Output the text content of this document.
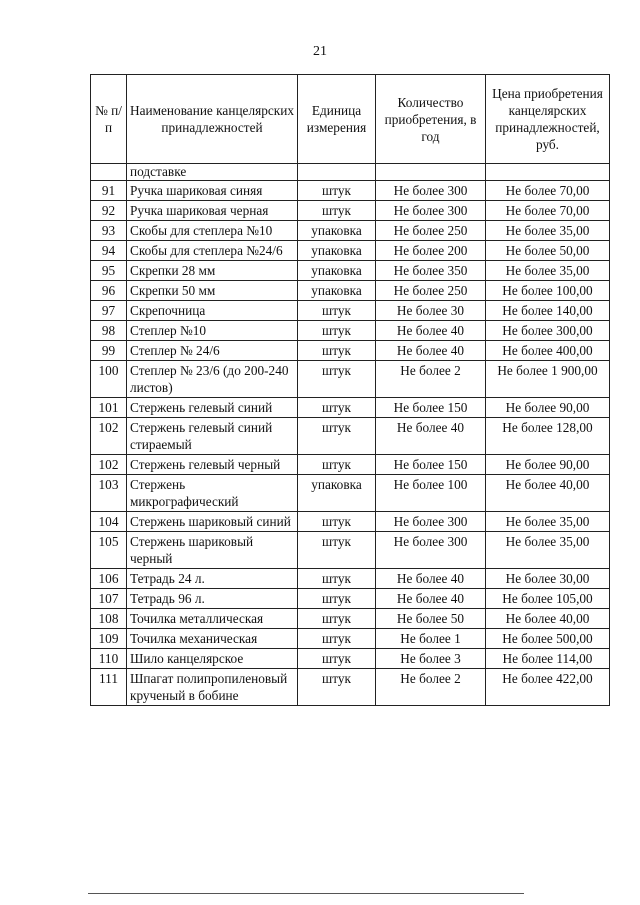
21
№ п/п	Наименование канцелярских принадлежностей	Единица измерения	Количество приобретения, в год	Цена приобретения канцелярских принадлежностей, руб.
	подставке			
91	Ручка шариковая синяя	штук	Не более 300	Не более 70,00
92	Ручка шариковая черная	штук	Не более 300	Не более 70,00
93	Скобы для степлера №10	упаковка	Не более 250	Не более 35,00
94	Скобы для степлера №24/6	упаковка	Не более 200	Не более 50,00
95	Скрепки 28 мм	упаковка	Не более 350	Не более 35,00
96	Скрепки 50 мм	упаковка	Не более 250	Не более 100,00
97	Скрепочница	штук	Не более 30	Не более 140,00
98	Степлер №10	штук	Не более 40	Не более 300,00
99	Степлер № 24/6	штук	Не более 40	Не более 400,00
100	Степлер № 23/6 (до 200-240 листов)	штук	Не более 2	Не более 1 900,00
101	Стержень гелевый синий	штук	Не более 150	Не более 90,00
102	Стержень гелевый синий стираемый	штук	Не более 40	Не более 128,00
102	Стержень гелевый черный	штук	Не более 150	Не более 90,00
103	Стержень микрографический	упаковка	Не более 100	Не более 40,00
104	Стержень шариковый синий	штук	Не более 300	Не более 35,00
105	Стержень шариковый черный	штук	Не более 300	Не более 35,00
106	Тетрадь 24 л.	штук	Не более 40	Не более 30,00
107	Тетрадь 96 л.	штук	Не более 40	Не более 105,00
108	Точилка металлическая	штук	Не более 50	Не более 40,00
109	Точилка механическая	штук	Не более 1	Не более 500,00
110	Шило канцелярское	штук	Не более 3	Не более 114,00
111	Шпагат полипропиленовый крученый в бобине	штук	Не более 2	Не более 422,00
